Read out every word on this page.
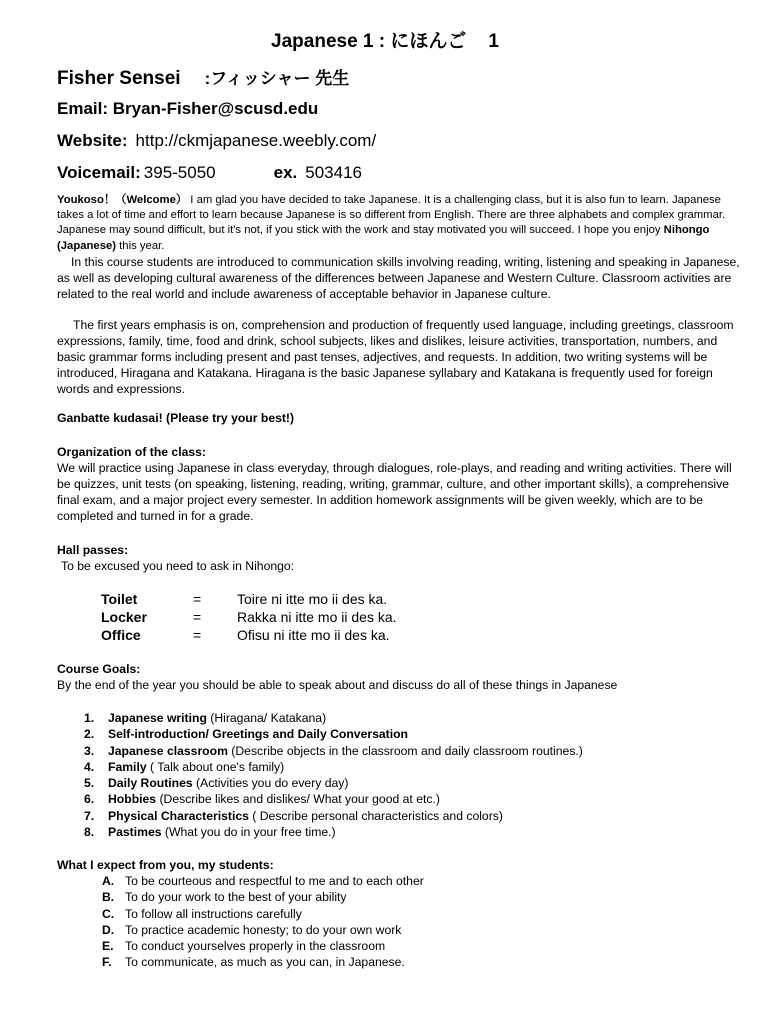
Japanese 1 : にほんご 1
Fisher Sensei :フィッシャー 先生
Email: Bryan-Fisher@scusd.edu
Website: http://ckmjapanese.weebly.com/
Voicemail: 395-5050	ex. 503416
Youkoso！（Welcome） I am glad you have decided to take Japanese. It is a challenging class, but it is also fun to learn. Japanese takes a lot of time and effort to learn because Japanese is so different from English. There are three alphabets and complex grammar. Japanese may sound difficult, but it's not, if you stick with the work and stay motivated you will succeed. I hope you enjoy Nihongo (Japanese) this year.
In this course students are introduced to communication skills involving reading, writing, listening and speaking in Japanese, as well as developing cultural awareness of the differences between Japanese and Western Culture. Classroom activities are related to the real world and include awareness of acceptable behavior in Japanese culture.
The first years emphasis is on, comprehension and production of frequently used language, including greetings, classroom expressions, family, time, food and drink, school subjects, likes and dislikes, leisure activities, transportation, numbers, and basic grammar forms including present and past tenses, adjectives, and requests. In addition, two writing systems will be introduced, Hiragana and Katakana. Hiragana is the basic Japanese syllabary and Katakana is frequently used for foreign words and expressions.
Ganbatte kudasai! (Please try your best!)
Organization of the class:
We will practice using Japanese in class everyday, through dialogues, role-plays, and reading and writing activities. There will be quizzes, unit tests (on speaking, listening, reading, writing, grammar, culture, and other important skills), a comprehensive final exam, and a major project every semester. In addition homework assignments will be given weekly, which are to be completed and turned in for a grade.
Hall passes:
To be excused you need to ask in Nihongo:
Toilet	=	Toire ni itte mo ii des ka.
Locker	=	Rakka ni itte mo ii des ka.
Office	=	Ofisu ni itte mo ii des ka.
Course Goals:
By the end of the year you should be able to speak about and discuss do all of these things in Japanese
1. Japanese writing (Hiragana/ Katakana)
2. Self-introduction/ Greetings and Daily Conversation
3. Japanese classroom (Describe objects in the classroom and daily classroom routines.)
4. Family ( Talk about one's family)
5. Daily Routines (Activities you do every day)
6. Hobbies (Describe likes and dislikes/ What your good at etc.)
7. Physical Characteristics ( Describe personal characteristics and colors)
8. Pastimes (What you do in your free time.)
What I expect from you, my students:
A. To be courteous and respectful to me and to each other
B. To do your work to the best of your ability
C. To follow all instructions carefully
D. To practice academic honesty; to do your own work
E. To conduct yourselves properly in the classroom
F. To communicate, as much as you can, in Japanese.
